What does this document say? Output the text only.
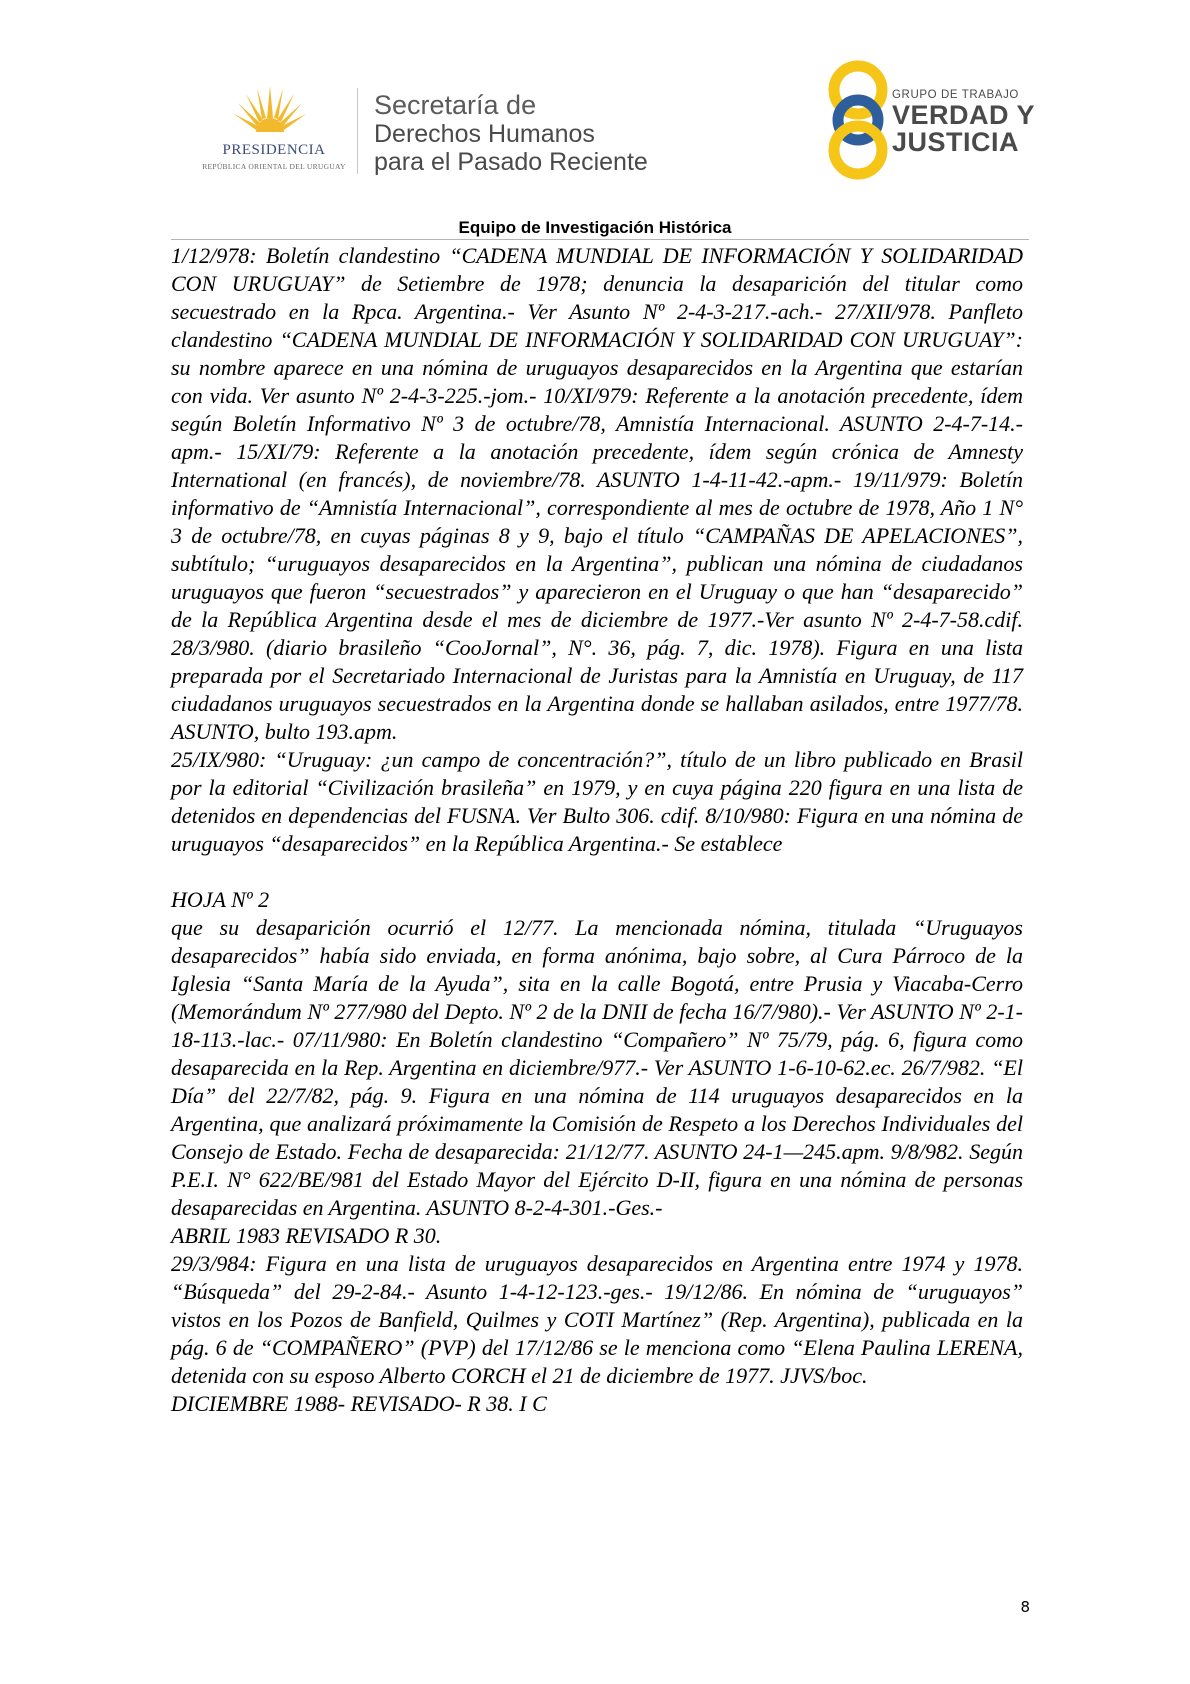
PRESIDENCIA
REPÚBLICA ORIENTAL DEL URUGUAY
Secretaría de
Derechos Humanos
para el Pasado Reciente
GRUPO DE TRABAJO
VERDAD Y
JUSTICIA
Equipo de Investigación Histórica

1/12/978: Boletín clandestino “CADENA MUNDIAL DE INFORMACIÓN Y SOLIDARIDAD CON URUGUAY” de Setiembre de 1978; denuncia la desaparición del titular como secuestrado en la Rpca. Argentina.- Ver Asunto Nº 2-4-3-217.-ach.- 27/XII/978. Panfleto clandestino “CADENA MUNDIAL DE INFORMACIÓN Y SOLIDARIDAD CON URUGUAY”: su nombre aparece en una nómina de uruguayos desaparecidos en la Argentina que estarían con vida. Ver asunto Nº 2-4-3-225.-jom.- 10/XI/979: Referente a la anotación precedente, ídem según Boletín Informativo Nº 3 de octubre/78, Amnistía Internacional. ASUNTO 2-4-7-14.-apm.- 15/XI/79: Referente a la anotación precedente, ídem según crónica de Amnesty International (en francés), de noviembre/78. ASUNTO 1-4-11-42.-apm.- 19/11/979: Boletín informativo de “Amnistía Internacional”, correspondiente al mes de octubre de 1978, Año 1 N° 3 de octubre/78, en cuyas páginas 8 y 9, bajo el título “CAMPAÑAS DE APELACIONES”, subtítulo; “uruguayos desaparecidos en la Argentina”, publican una nómina de ciudadanos uruguayos que fueron “secuestrados” y aparecieron en el Uruguay o que han “desaparecido” de la República Argentina desde el mes de diciembre de 1977.-Ver asunto Nº 2-4-7-58.cdif. 28/3/980. (diario brasileño “CooJornal”, N°. 36, pág. 7, dic. 1978). Figura en una lista preparada por el Secretariado Internacional de Juristas para la Amnistía en Uruguay, de 117 ciudadanos uruguayos secuestrados en la Argentina donde se hallaban asilados, entre 1977/78. ASUNTO, bulto 193.apm.

25/IX/980: “Uruguay: ¿un campo de concentración?”, título de un libro publicado en Brasil por la editorial “Civilización brasileña” en 1979, y en cuya página 220 figura en una lista de detenidos en dependencias del FUSNA. Ver Bulto 306. cdif. 8/10/980: Figura en una nómina de uruguayos “desaparecidos” en la República Argentina.- Se establece

HOJA Nº 2

que su desaparición ocurrió el 12/77. La mencionada nómina, titulada “Uruguayos desaparecidos” había sido enviada, en forma anónima, bajo sobre, al Cura Párroco de la Iglesia “Santa María de la Ayuda”, sita en la calle Bogotá, entre Prusia y Viacaba-Cerro (Memorándum Nº 277/980 del Depto. Nº 2 de la DNII de fecha 16/7/980).- Ver ASUNTO Nº 2-1-18-113.-lac.- 07/11/980: En Boletín clandestino “Compañero” Nº 75/79, pág. 6, figura como desaparecida en la Rep. Argentina en diciembre/977.- Ver ASUNTO 1-6-10-62.ec. 26/7/982. “El Día” del 22/7/82, pág. 9. Figura en una nómina de 114 uruguayos desaparecidos en la Argentina, que analizará próximamente la Comisión de Respeto a los Derechos Individuales del Consejo de Estado. Fecha de desaparecida: 21/12/77. ASUNTO 24-1—245.apm. 9/8/982. Según P.E.I. N° 622/BE/981 del Estado Mayor del Ejército D-II, figura en una nómina de personas desaparecidas en Argentina. ASUNTO 8-2-4-301.-Ges.-

ABRIL 1983 REVISADO R 30.

29/3/984: Figura en una lista de uruguayos desaparecidos en Argentina entre 1974 y 1978. “Búsqueda” del 29-2-84.- Asunto 1-4-12-123.-ges.- 19/12/86. En nómina de “uruguayos” vistos en los Pozos de Banfield, Quilmes y COTI Martínez” (Rep. Argentina), publicada en la pág. 6 de “COMPAÑERO” (PVP) del 17/12/86 se le menciona como “Elena Paulina LERENA, detenida con su esposo Alberto CORCH el 21 de diciembre de 1977. JJVS/boc.

DICIEMBRE 1988- REVISADO- R 38. I C

8
